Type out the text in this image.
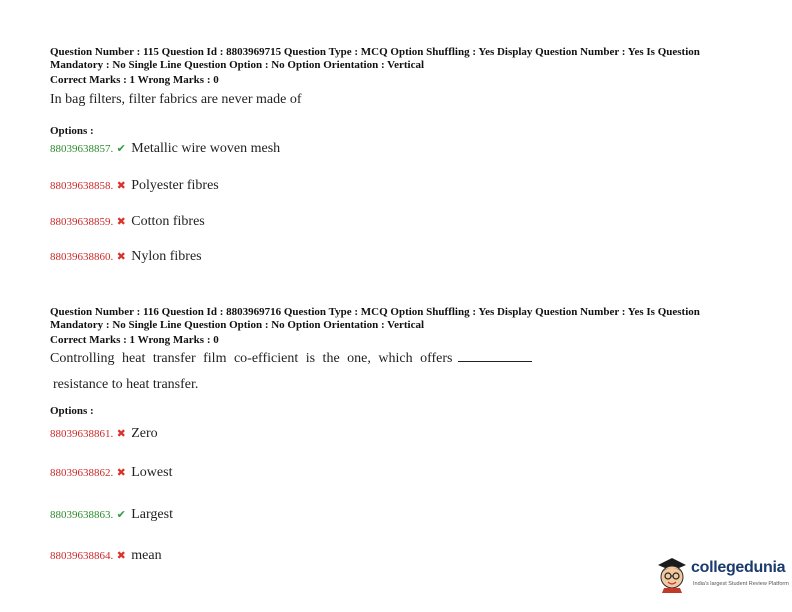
Question Number : 115 Question Id : 8803969715 Question Type : MCQ Option Shuffling : Yes Display Question Number : Yes Is Question Mandatory : No Single Line Question Option : No Option Orientation : Vertical
Correct Marks : 1 Wrong Marks : 0
In bag filters, filter fabrics are never made of
Options :
88039638857. ✔ Metallic wire woven mesh
88039638858. ✖ Polyester fibres
88039638859. ✖ Cotton fibres
88039638860. ✖ Nylon fibres
Question Number : 116 Question Id : 8803969716 Question Type : MCQ Option Shuffling : Yes Display Question Number : Yes Is Question Mandatory : No Single Line Question Option : No Option Orientation : Vertical
Correct Marks : 1 Wrong Marks : 0
Controlling heat transfer film co-efficient is the one, which offers
resistance to heat transfer.
Options :
88039638861. ✖ Zero
88039638862. ✖ Lowest
88039638863. ✔ Largest
88039638864. ✖ mean
collegedunia
India's largest Student Review Platform
